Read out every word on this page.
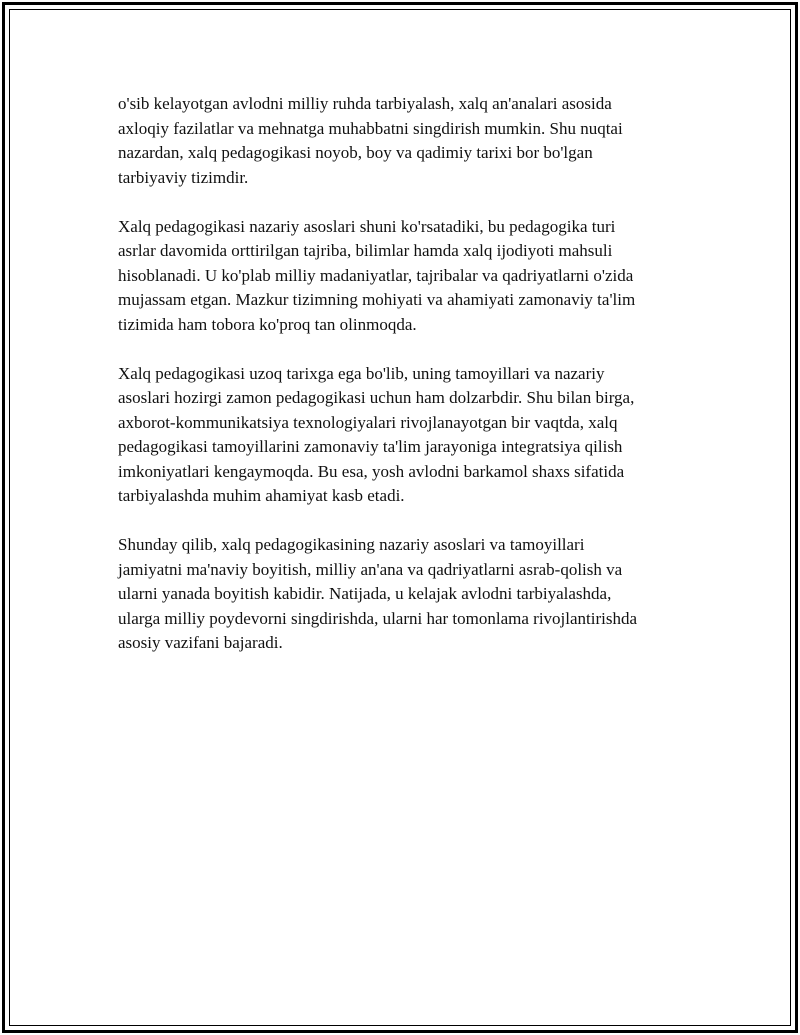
o'sib kelayotgan avlodni milliy ruhda tarbiyalash, xalq an'analari asosida
axloqiy fazilatlar va mehnatga muhabbatni singdirish mumkin. Shu nuqtai
nazardan, xalq pedagogikasi noyob, boy va qadimiy tarixi bor bo'lgan
tarbiyaviy tizimdir.

Xalq pedagogikasi nazariy asoslari shuni ko'rsatadiki, bu pedagogika turi
asrlar davomida orttirilgan tajriba, bilimlar hamda xalq ijodiyoti mahsuli
hisoblanadi. U ko'plab milliy madaniyatlar, tajribalar va qadriyatlarni o'zida
mujassam etgan. Mazkur tizimning mohiyati va ahamiyati zamonaviy ta'lim
tizimida ham tobora ko'proq tan olinmoqda.

Xalq pedagogikasi uzoq tarixga ega bo'lib, uning tamoyillari va nazariy
asoslari hozirgi zamon pedagogikasi uchun ham dolzarbdir. Shu bilan birga,
axborot-kommunikatsiya texnologiyalari rivojlanayotgan bir vaqtda, xalq
pedagogikasi tamoyillarini zamonaviy ta'lim jarayoniga integratsiya qilish
imkoniyatlari kengaymoqda. Bu esa, yosh avlodni barkamol shaxs sifatida
tarbiyalashda muhim ahamiyat kasb etadi.

Shunday qilib, xalq pedagogikasining nazariy asoslari va tamoyillari
jamiyatni ma'naviy boyitish, milliy an'ana va qadriyatlarni asrab-qolish va
ularni yanada boyitish kabidir. Natijada, u kelajak avlodni tarbiyalashda,
ularga milliy poydevorni singdirishda, ularni har tomonlama rivojlantirishda
asosiy vazifani bajaradi.
